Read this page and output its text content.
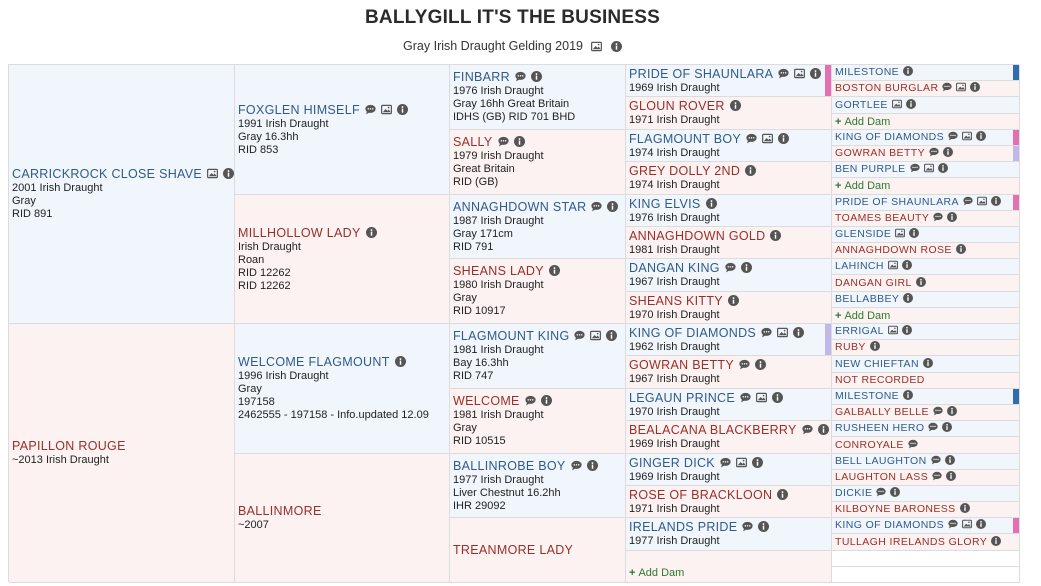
BALLYGILL IT'S THE BUSINESS
Gray Irish Draught Gelding 2019

CARRICKROCK CLOSE SHAVE
2001 Irish Draught
Gray
RID 891
PAPILLON ROUGE
~2013 Irish Draught
FOXGLEN HIMSELF
1991 Irish Draught
Gray 16.3hh
RID 853
MILLHOLLOW LADY
Irish Draught
Roan
RID 12262
RID 12262
WELCOME FLAGMOUNT
1996 Irish Draught
Gray
197158
2462555 - 197158 - Info.updated 12.09
BALLINMORE
~2007
FINBARR
1976 Irish Draught
Gray 16hh Great Britain
IDHS (GB) RID 701 BHD
SALLY
1979 Irish Draught
Great Britain
RID (GB)
ANNAGHDOWN STAR
1987 Irish Draught
Gray 171cm
RID 791
SHEANS LADY
1980 Irish Draught
Gray
RID 10917
FLAGMOUNT KING
1981 Irish Draught
Bay 16.3hh
RID 747
WELCOME
1981 Irish Draught
Gray
RID 10515
BALLINROBE BOY
1977 Irish Draught
Liver Chestnut 16.2hh
IHR 29092
TREANMORE LADY
PRIDE OF SHAUNLARA
1969 Irish Draught
GLOUN ROVER
1971 Irish Draught
FLAGMOUNT BOY
1974 Irish Draught
GREY DOLLY 2ND
1974 Irish Draught
KING ELVIS
1976 Irish Draught
ANNAGHDOWN GOLD
1981 Irish Draught
DANGAN KING
1967 Irish Draught
SHEANS KITTY
1970 Irish Draught
KING OF DIAMONDS
1962 Irish Draught
GOWRAN BETTY
1967 Irish Draught
LEGAUN PRINCE
1970 Irish Draught
BEALACANA BLACKBERRY
1969 Irish Draught
GINGER DICK
1969 Irish Draught
ROSE OF BRACKLOON
1971 Irish Draught
IRELANDS PRIDE
1977 Irish Draught
+ Add Dam
MILESTONE
BOSTON BURGLAR
GORTLEE
+ Add Dam
KING OF DIAMONDS
GOWRAN BETTY
BEN PURPLE
+ Add Dam
PRIDE OF SHAUNLARA
TOAMES BEAUTY
GLENSIDE
ANNAGHDOWN ROSE
LAHINCH
DANGAN GIRL
BELLABBEY
+ Add Dam
ERRIGAL
RUBY
NEW CHIEFTAN
NOT RECORDED
MILESTONE
GALBALLY BELLE
RUSHEEN HERO
CONROYALE
BELL LAUGHTON
LAUGHTON LASS
DICKIE
KILBOYNE BARONESS
KING OF DIAMONDS
TULLAGH IRELANDS GLORY
